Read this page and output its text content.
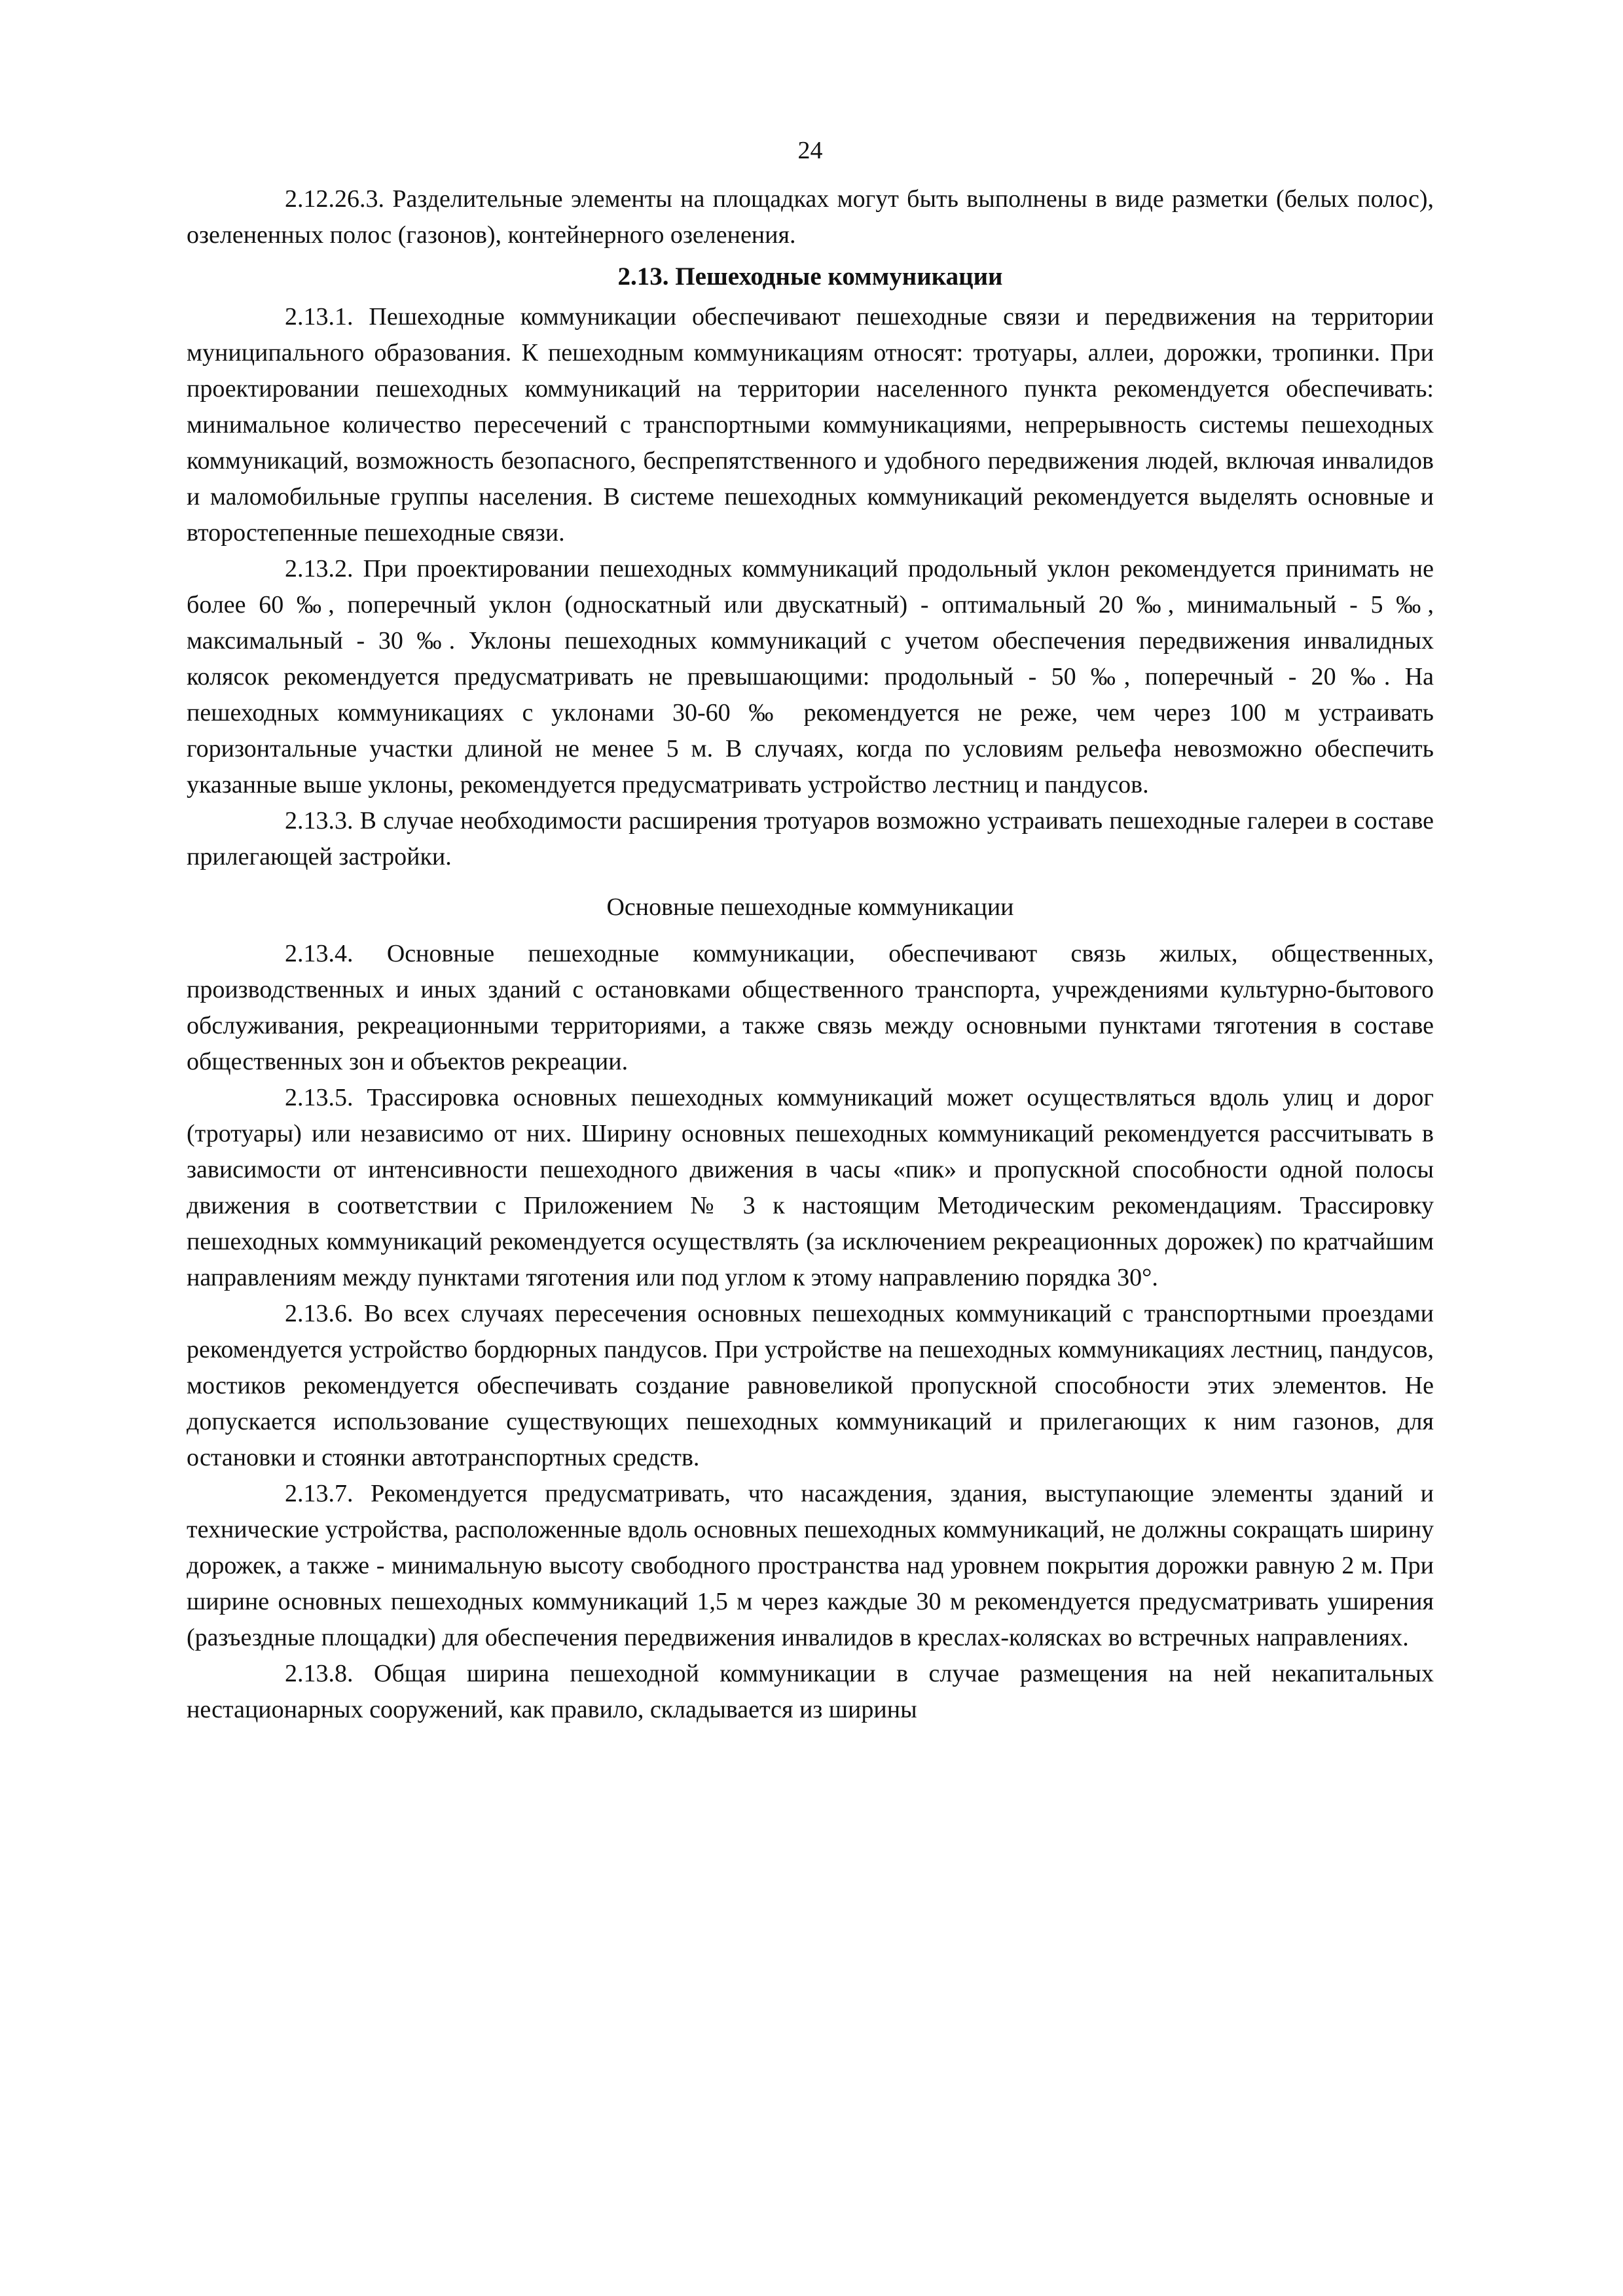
24

2.12.26.3. Разделительные элементы на площадках могут быть выполнены в виде разметки (белых полос), озелененных полос (газонов), контейнерного озеленения.

2.13. Пешеходные коммуникации

2.13.1. Пешеходные коммуникации обеспечивают пешеходные связи и передвижения на территории муниципального образования. К пешеходным коммуникациям относят: тротуары, аллеи, дорожки, тропинки. При проектировании пешеходных коммуникаций на территории населенного пункта рекомендуется обеспечивать: минимальное количество пересечений с транспортными коммуникациями, непрерывность системы пешеходных коммуникаций, возможность безопасного, беспрепятственного и удобного передвижения людей, включая инвалидов и маломобильные группы населения. В системе пешеходных коммуникаций рекомендуется выделять основные и второстепенные пешеходные связи.

2.13.2. При проектировании пешеходных коммуникаций продольный уклон рекомендуется принимать не более 60 ‰, поперечный уклон (односкатный или двускатный) - оптимальный 20 ‰, минимальный - 5 ‰, максимальный - 30 ‰. Уклоны пешеходных коммуникаций с учетом обеспечения передвижения инвалидных колясок рекомендуется предусматривать не превышающими: продольный - 50 ‰, поперечный - 20 ‰. На пешеходных коммуникациях с уклонами 30-60 ‰ рекомендуется не реже, чем через 100 м устраивать горизонтальные участки длиной не менее 5 м. В случаях, когда по условиям рельефа невозможно обеспечить указанные выше уклоны, рекомендуется предусматривать устройство лестниц и пандусов.

2.13.3. В случае необходимости расширения тротуаров возможно устраивать пешеходные галереи в составе прилегающей застройки.

Основные пешеходные коммуникации

2.13.4. Основные пешеходные коммуникации, обеспечивают связь жилых, общественных, производственных и иных зданий с остановками общественного транспорта, учреждениями культурно-бытового обслуживания, рекреационными территориями, а также связь между основными пунктами тяготения в составе общественных зон и объектов рекреации.

2.13.5. Трассировка основных пешеходных коммуникаций может осуществляться вдоль улиц и дорог (тротуары) или независимо от них. Ширину основных пешеходных коммуникаций рекомендуется рассчитывать в зависимости от интенсивности пешеходного движения в часы «пик» и пропускной способности одной полосы движения в соответствии с Приложением № 3 к настоящим Методическим рекомендациям. Трассировку пешеходных коммуникаций рекомендуется осуществлять (за исключением рекреационных дорожек) по кратчайшим направлениям между пунктами тяготения или под углом к этому направлению порядка 30°.

2.13.6. Во всех случаях пересечения основных пешеходных коммуникаций с транспортными проездами рекомендуется устройство бордюрных пандусов. При устройстве на пешеходных коммуникациях лестниц, пандусов, мостиков рекомендуется обеспечивать создание равновеликой пропускной способности этих элементов. Не допускается использование существующих пешеходных коммуникаций и прилегающих к ним газонов, для остановки и стоянки автотранспортных средств.

2.13.7. Рекомендуется предусматривать, что насаждения, здания, выступающие элементы зданий и технические устройства, расположенные вдоль основных пешеходных коммуникаций, не должны сокращать ширину дорожек, а также - минимальную высоту свободного пространства над уровнем покрытия дорожки равную 2 м. При ширине основных пешеходных коммуникаций 1,5 м через каждые 30 м рекомендуется предусматривать уширения (разъездные площадки) для обеспечения передвижения инвалидов в креслах-колясках во встречных направлениях.

2.13.8. Общая ширина пешеходной коммуникации в случае размещения на ней некапитальных нестационарных сооружений, как правило, складывается из ширины
